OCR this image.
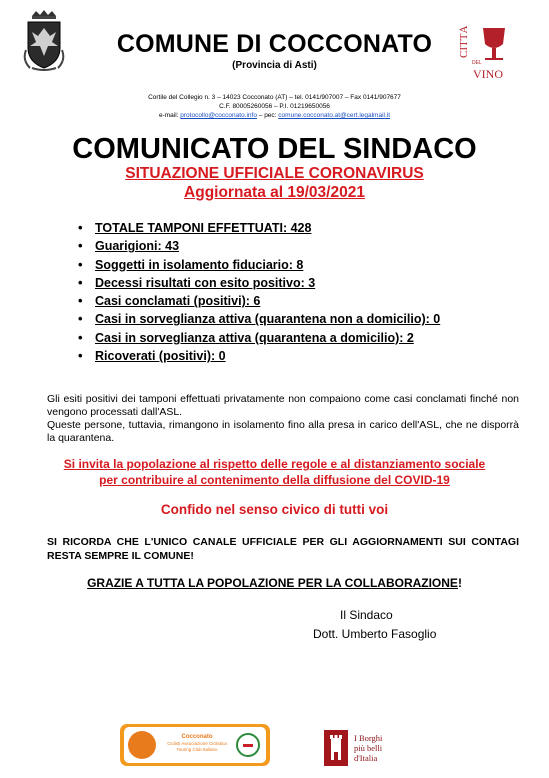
CITTÀ
DEL
VINO
COMUNE DI COCCONATO
(Provincia di Asti)
Cortile del Collegio n. 3 – 14023 Cocconato (AT) – tel. 0141/907007 – Fax 0141/907677
C.F. 80005260056 – P.I. 01219650056
e-mail: protocollo@cocconato.info – pec: comune.cocconato.at@cert.legalmail.it
COMUNICATO DEL SINDACO
SITUAZIONE UFFICIALE CORONAVIRUS
Aggiornata al 19/03/2021
• TOTALE TAMPONI EFFETTUATI: 428
• Guarigioni: 43
• Soggetti in isolamento fiduciario: 8
• Decessi risultati con esito positivo: 3
• Casi conclamati (positivi): 6
• Casi in sorveglianza attiva (quarantena non a domicilio): 0
• Casi in sorveglianza attiva (quarantena a domicilio): 2
• Ricoverati (positivi): 0
Gli esiti positivi dei tamponi effettuati privatamente non compaiono come casi conclamati finché non vengono processati dall'ASL.
Queste persone, tuttavia, rimangono in isolamento fino alla presa in carico dell'ASL, che ne disporrà la quarantena.
Si invita la popolazione al rispetto delle regole e al distanziamento sociale
per contribuire al contenimento della diffusione del COVID-19
Confido nel senso civico di tutti voi
SI RICORDA CHE L'UNICO CANALE UFFICIALE PER GLI AGGIORNAMENTI SUI CONTAGI RESTA SEMPRE IL COMUNE!
GRAZIE A TUTTA LA POPOLAZIONE PER LA COLLABORAZIONE!
Il Sindaco
Dott. Umberto Fasoglio
Cocconato
Ciclisti Associazione Ciclistica
Touring Club Italiano
I Borghi
più belli
d'Italia
